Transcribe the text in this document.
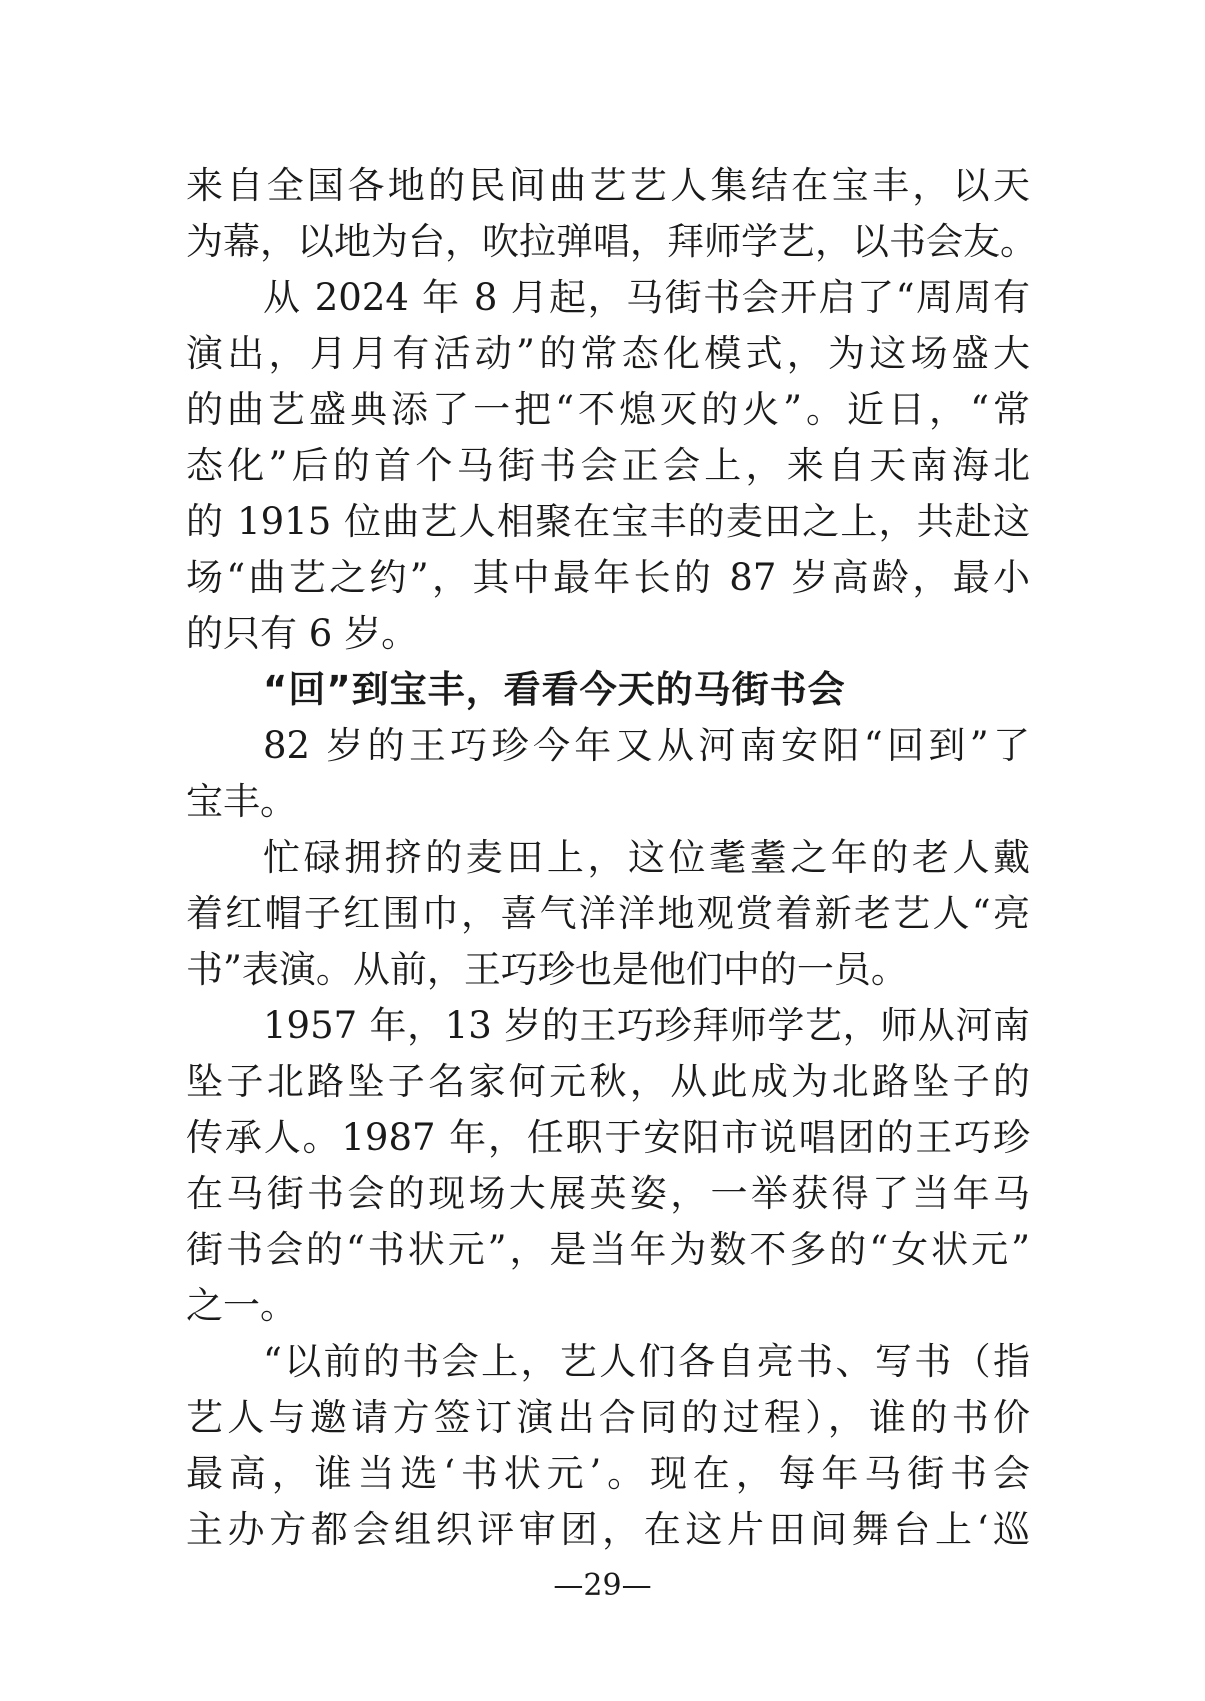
来自全国各地的民间曲艺艺人集结在宝丰，以天
为幕，以地为台，吹拉弹唱，拜师学艺，以书会友。
从 2024 年 8 月起，马街书会开启了“周周有
演出，月月有活动”的常态化模式，为这场盛大
的曲艺盛典添了一把“不熄灭的火”。近日，“常
态化”后的首个马街书会正会上，来自天南海北
的 1915 位曲艺人相聚在宝丰的麦田之上，共赴这
场“曲艺之约”，其中最年长的 87 岁高龄，最小
的只有 6 岁。
“回”到宝丰，看看今天的马街书会
82 岁的王巧珍今年又从河南安阳“回到”了
宝丰。
忙碌拥挤的麦田上，这位耄耋之年的老人戴
着红帽子红围巾，喜气洋洋地观赏着新老艺人“亮
书”表演。从前，王巧珍也是他们中的一员。
1957 年，13 岁的王巧珍拜师学艺，师从河南
坠子北路坠子名家何元秋，从此成为北路坠子的
传承人。1987 年，任职于安阳市说唱团的王巧珍
在马街书会的现场大展英姿，一举获得了当年马
街书会的“书状元”，是当年为数不多的“女状元”
之一。
“以前的书会上，艺人们各自亮书、写书（指
艺人与邀请方签订演出合同的过程），谁的书价
最高，谁当选‘书状元’。现在，每年马街书会
主办方都会组织评审团，在这片田间舞台上‘巡
—29—
